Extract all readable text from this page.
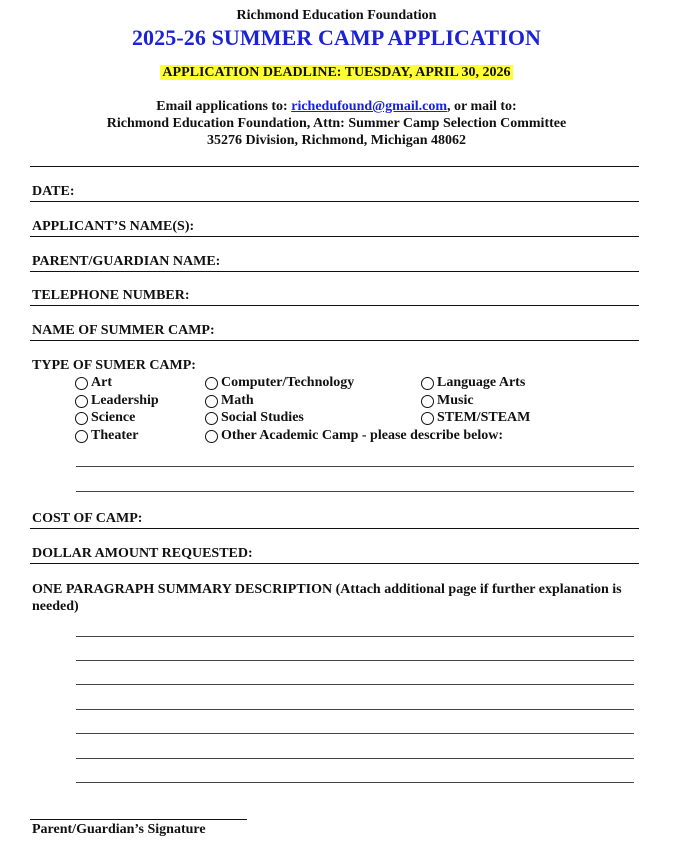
Richmond Education Foundation
2025-26 SUMMER CAMP APPLICATION
APPLICATION DEADLINE: TUESDAY, APRIL 30, 2026
Email applications to: richedufound@gmail.com, or mail to:
Richmond Education Foundation, Attn: Summer Camp Selection Committee
35276 Division, Richmond, Michigan 48062
DATE:
APPLICANT’S NAME(S):
PARENT/GUARDIAN NAME:
TELEPHONE NUMBER:
NAME OF SUMMER CAMP:
TYPE OF SUMER CAMP:
Art
Leadership
Science
Theater
Computer/Technology
Math
Social Studies
Other Academic Camp - please describe below:
Language Arts
Music
STEM/STEAM
COST OF CAMP:
DOLLAR AMOUNT REQUESTED:
ONE PARAGRAPH SUMMARY DESCRIPTION (Attach additional page if further explanation is needed)
Parent/Guardian’s Signature
